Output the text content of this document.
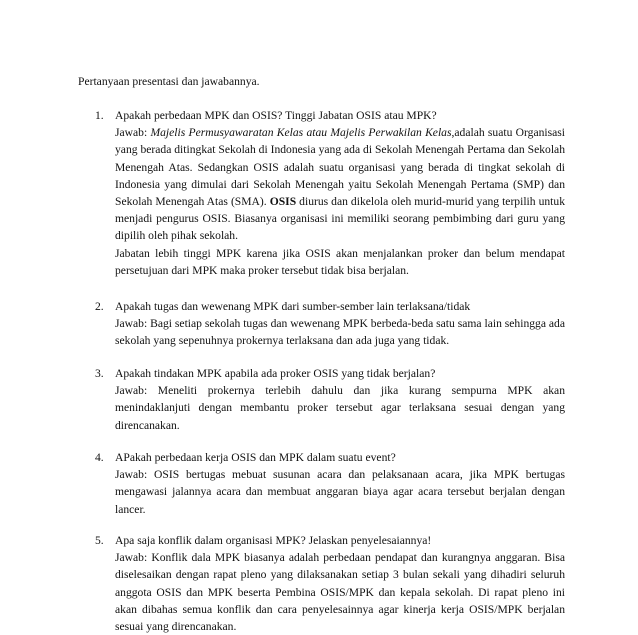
Pertanyaan presentasi dan jawabannya.
1. Apakah perbedaan MPK dan OSIS? Tinggi Jabatan OSIS atau MPK?

Jawab: Majelis Permusyawaratan Kelas atau Majelis Perwakilan Kelas,adalah suatu Organisasi yang berada ditingkat Sekolah di Indonesia yang ada di Sekolah Menengah Pertama dan Sekolah Menengah Atas. Sedangkan OSIS adalah suatu organisasi yang berada di tingkat sekolah di Indonesia yang dimulai dari Sekolah Menengah yaitu Sekolah Menengah Pertama (SMP) dan Sekolah Menengah Atas (SMA). OSIS diurus dan dikelola oleh murid-murid yang terpilih untuk menjadi pengurus OSIS. Biasanya organisasi ini memiliki seorang pembimbing dari guru yang dipilih oleh pihak sekolah.

Jabatan lebih tinggi MPK karena jika OSIS akan menjalankan proker dan belum mendapat persetujuan dari MPK maka proker tersebut tidak bisa berjalan.

2. Apakah tugas dan wewenang MPK dari sumber-sember lain terlaksana/tidak

Jawab: Bagi setiap sekolah tugas dan wewenang MPK berbeda-beda satu sama lain sehingga ada sekolah yang sepenuhnya prokernya terlaksana dan ada juga yang tidak.

3. Apakah tindakan MPK apabila ada proker OSIS yang tidak berjalan?

Jawab: Meneliti prokernya terlebih dahulu dan jika kurang sempurna MPK akan menindaklanjuti dengan membantu proker tersebut agar terlaksana sesuai dengan yang direncanakan.

4. APakah perbedaan kerja OSIS dan MPK dalam suatu event?

Jawab: OSIS bertugas mebuat susunan acara dan pelaksanaan acara, jika MPK bertugas mengawasi jalannya acara dan membuat anggaran biaya agar acara tersebut berjalan dengan lancer.

5. Apa saja konflik dalam organisasi MPK? Jelaskan penyelesaiannya!

Jawab: Konflik dala MPK biasanya adalah perbedaan pendapat dan kurangnya anggaran. Bisa diselesaikan dengan rapat pleno yang dilaksanakan setiap 3 bulan sekali yang dihadiri seluruh anggota OSIS dan MPK beserta Pembina OSIS/MPK dan kepala sekolah. Di rapat pleno ini akan dibahas semua konflik dan cara penyelesainnya agar kinerja kerja OSIS/MPK berjalan sesuai yang direncanakan.
